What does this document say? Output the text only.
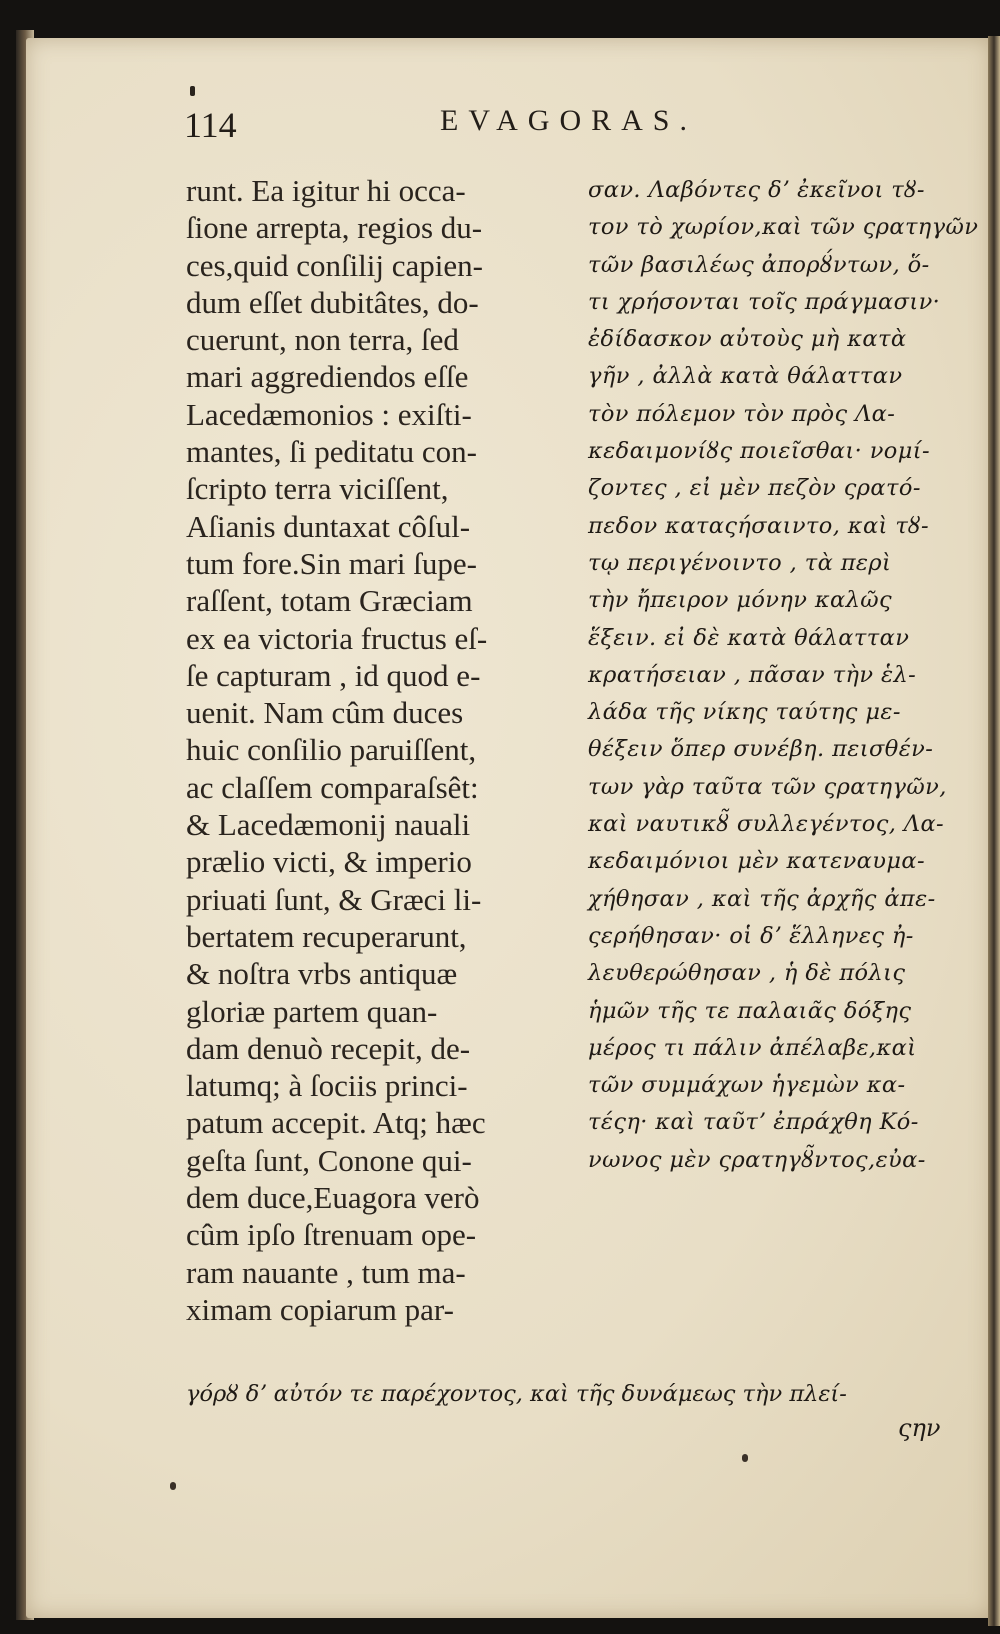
114	EVAGORAS.
runt. Ea igitur hi occa-
ſione arrepta, regios du-
ces,quid conſilij capien-
dum eſſet dubitâtes, do-
cuerunt, non terra, ſed
mari aggrediendos eſſe
Lacedæmonios : exiſti-
mantes, ſi peditatu con-
ſcripto terra viciſſent,
Aſianis duntaxat côſul-
tum fore.Sin mari ſupe-
raſſent, totam Græciam
ex ea victoria fructus eſ-
ſe capturam , id quod e-
uenit. Nam cûm duces
huic conſilio paruiſſent,
ac claſſem comparaſsêt:
& Lacedæmonij nauali
prælio victi, & imperio
priuati ſunt, & Græci li-
bertatem recuperarunt,
& noſtra vrbs antiquæ
gloriæ partem quan-
dam denuò recepit, de-
latumq; à ſociis princi-
patum accepit. Atq; hæc
geſta ſunt, Conone qui-
dem duce,Euagora verò
cûm ipſo ſtrenuam ope-
ram nauante , tum ma-
ximam copiarum par-
σαν. Λαβόντες δʼ ἐκεῖνοι τȣ-
τον τὸ χωρίον,καὶ τῶν ςρατηγῶν
τῶν βασιλέως ἀπορȣ́ντων, ὅ-
τι χρήσονται τοῖς πράγμασιν·
ἐδίδασκον αὐτοὺς μὴ κατὰ
γῆν , ἀλλὰ κατὰ θάλατταν
τὸν πόλεμον τὸν πρὸς Λα-
κεδαιμονίȣς ποιεῖσθαι· νομί-
ζοντες , εἰ μὲν πεζὸν ςρατό-
πεδον καταςήσαιντο, καὶ τȣ-
τῳ περιγένοιντο , τὰ περὶ
τὴν ἤπειρον μόνην καλῶς
ἕξειν. εἰ δὲ κατὰ θάλατταν
κρατήσειαν , πᾶσαν τὴν ἑλ-
λάδα τῆς νίκης ταύτης με-
θέξειν ὅπερ συνέβη. πεισθέν-
των γὰρ ταῦτα τῶν ςρατηγῶν,
καὶ ναυτικȣ̃ συλλεγέντος, Λα-
κεδαιμόνιοι μὲν κατεναυμα-
χήθησαν , καὶ τῆς ἀρχῆς ἀπε-
ςερήθησαν· οἱ δʼ ἕλληνες ἠ-
λευθερώθησαν , ἡ δὲ πόλις
ἡμῶν τῆς τε παλαιᾶς δόξης
μέρος τι πάλιν ἀπέλαβε,καὶ
τῶν συμμάχων ἡγεμὼν κα-
τέςη· καὶ ταῦτʼ ἐπράχθη Κό-
νωνος μὲν ςρατηγȣ̃ντος,εὐα-
γόρȣ δʼ αὐτόν τε παρέχοντος, καὶ τῆς δυνάμεως τὴν πλεί-
ςην
